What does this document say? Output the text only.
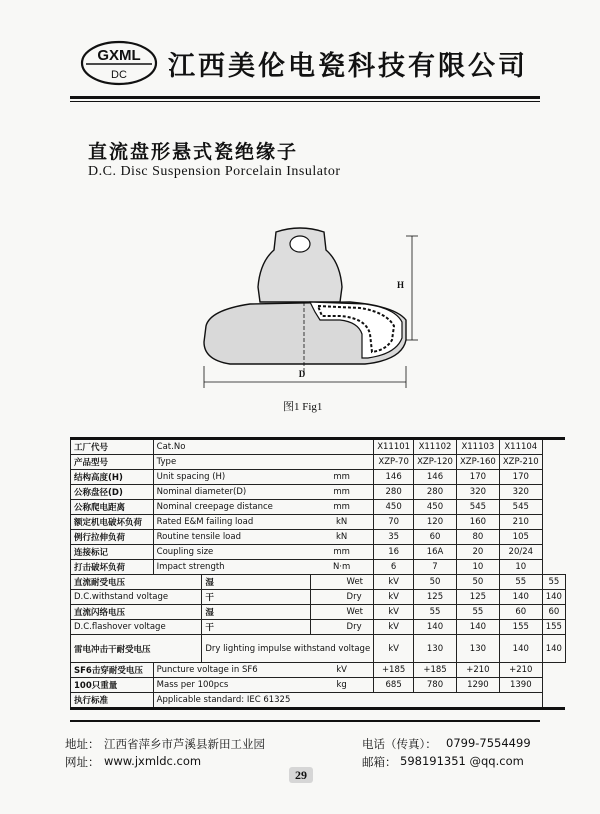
GXML
DC 江西美伦电瓷科技有限公司
直流盘形悬式瓷绝缘子
D.C. Disc Suspension Porcelain Insulator
H
D
图1 Fig1
工厂代号	Cat.No			X11101	X11102	X11103	X11104	
产品型号	Type			XZP-70	XZP-120	XZP-160	XZP-210	
结构高度(H)	Unit spacing (H)		mm	146	146	170	170	
公称盘径(D)	Nominal diameter(D)		mm	280	280	320	320	
公称爬电距离	Nominal creepage distance		mm	450	450	545	545	
额定机电破坏负荷	Rated E&M failing load		kN	70	120	160	210	
例行拉伸负荷	Routine tensile load		kN	35	60	80	105	
连接标记	Coupling size		mm	16	16A	20	20/24	
打击破坏负荷	Impact strength		N·m	6	7	10	10	
直流耐受电压		湿	Wet	kV	50	50	55	55
D.C.withstand voltage		干	Dry	kV	125	125	140	140
直流闪络电压		湿	Wet	kV	55	55	60	60
D.C.flashover voltage		干	Dry	kV	140	140	155	155
雷电冲击干耐受电压		Dry lighting impulse withstand voltage		kV	130	130	140	140
SF6击穿耐受电压	Puncture voltage in SF6		kV	+185	+185	+210	+210	
100只重量	Mass per 100pcs		kg	685	780	1290	1390	
执行标准	Applicable standard: IEC 61325							
地址： 江西省萍乡市芦溪县新田工业园
网址： www.jxmldc.com
电话（传真）： 0799-7554499
邮箱： 598191351 @qq.com
29
